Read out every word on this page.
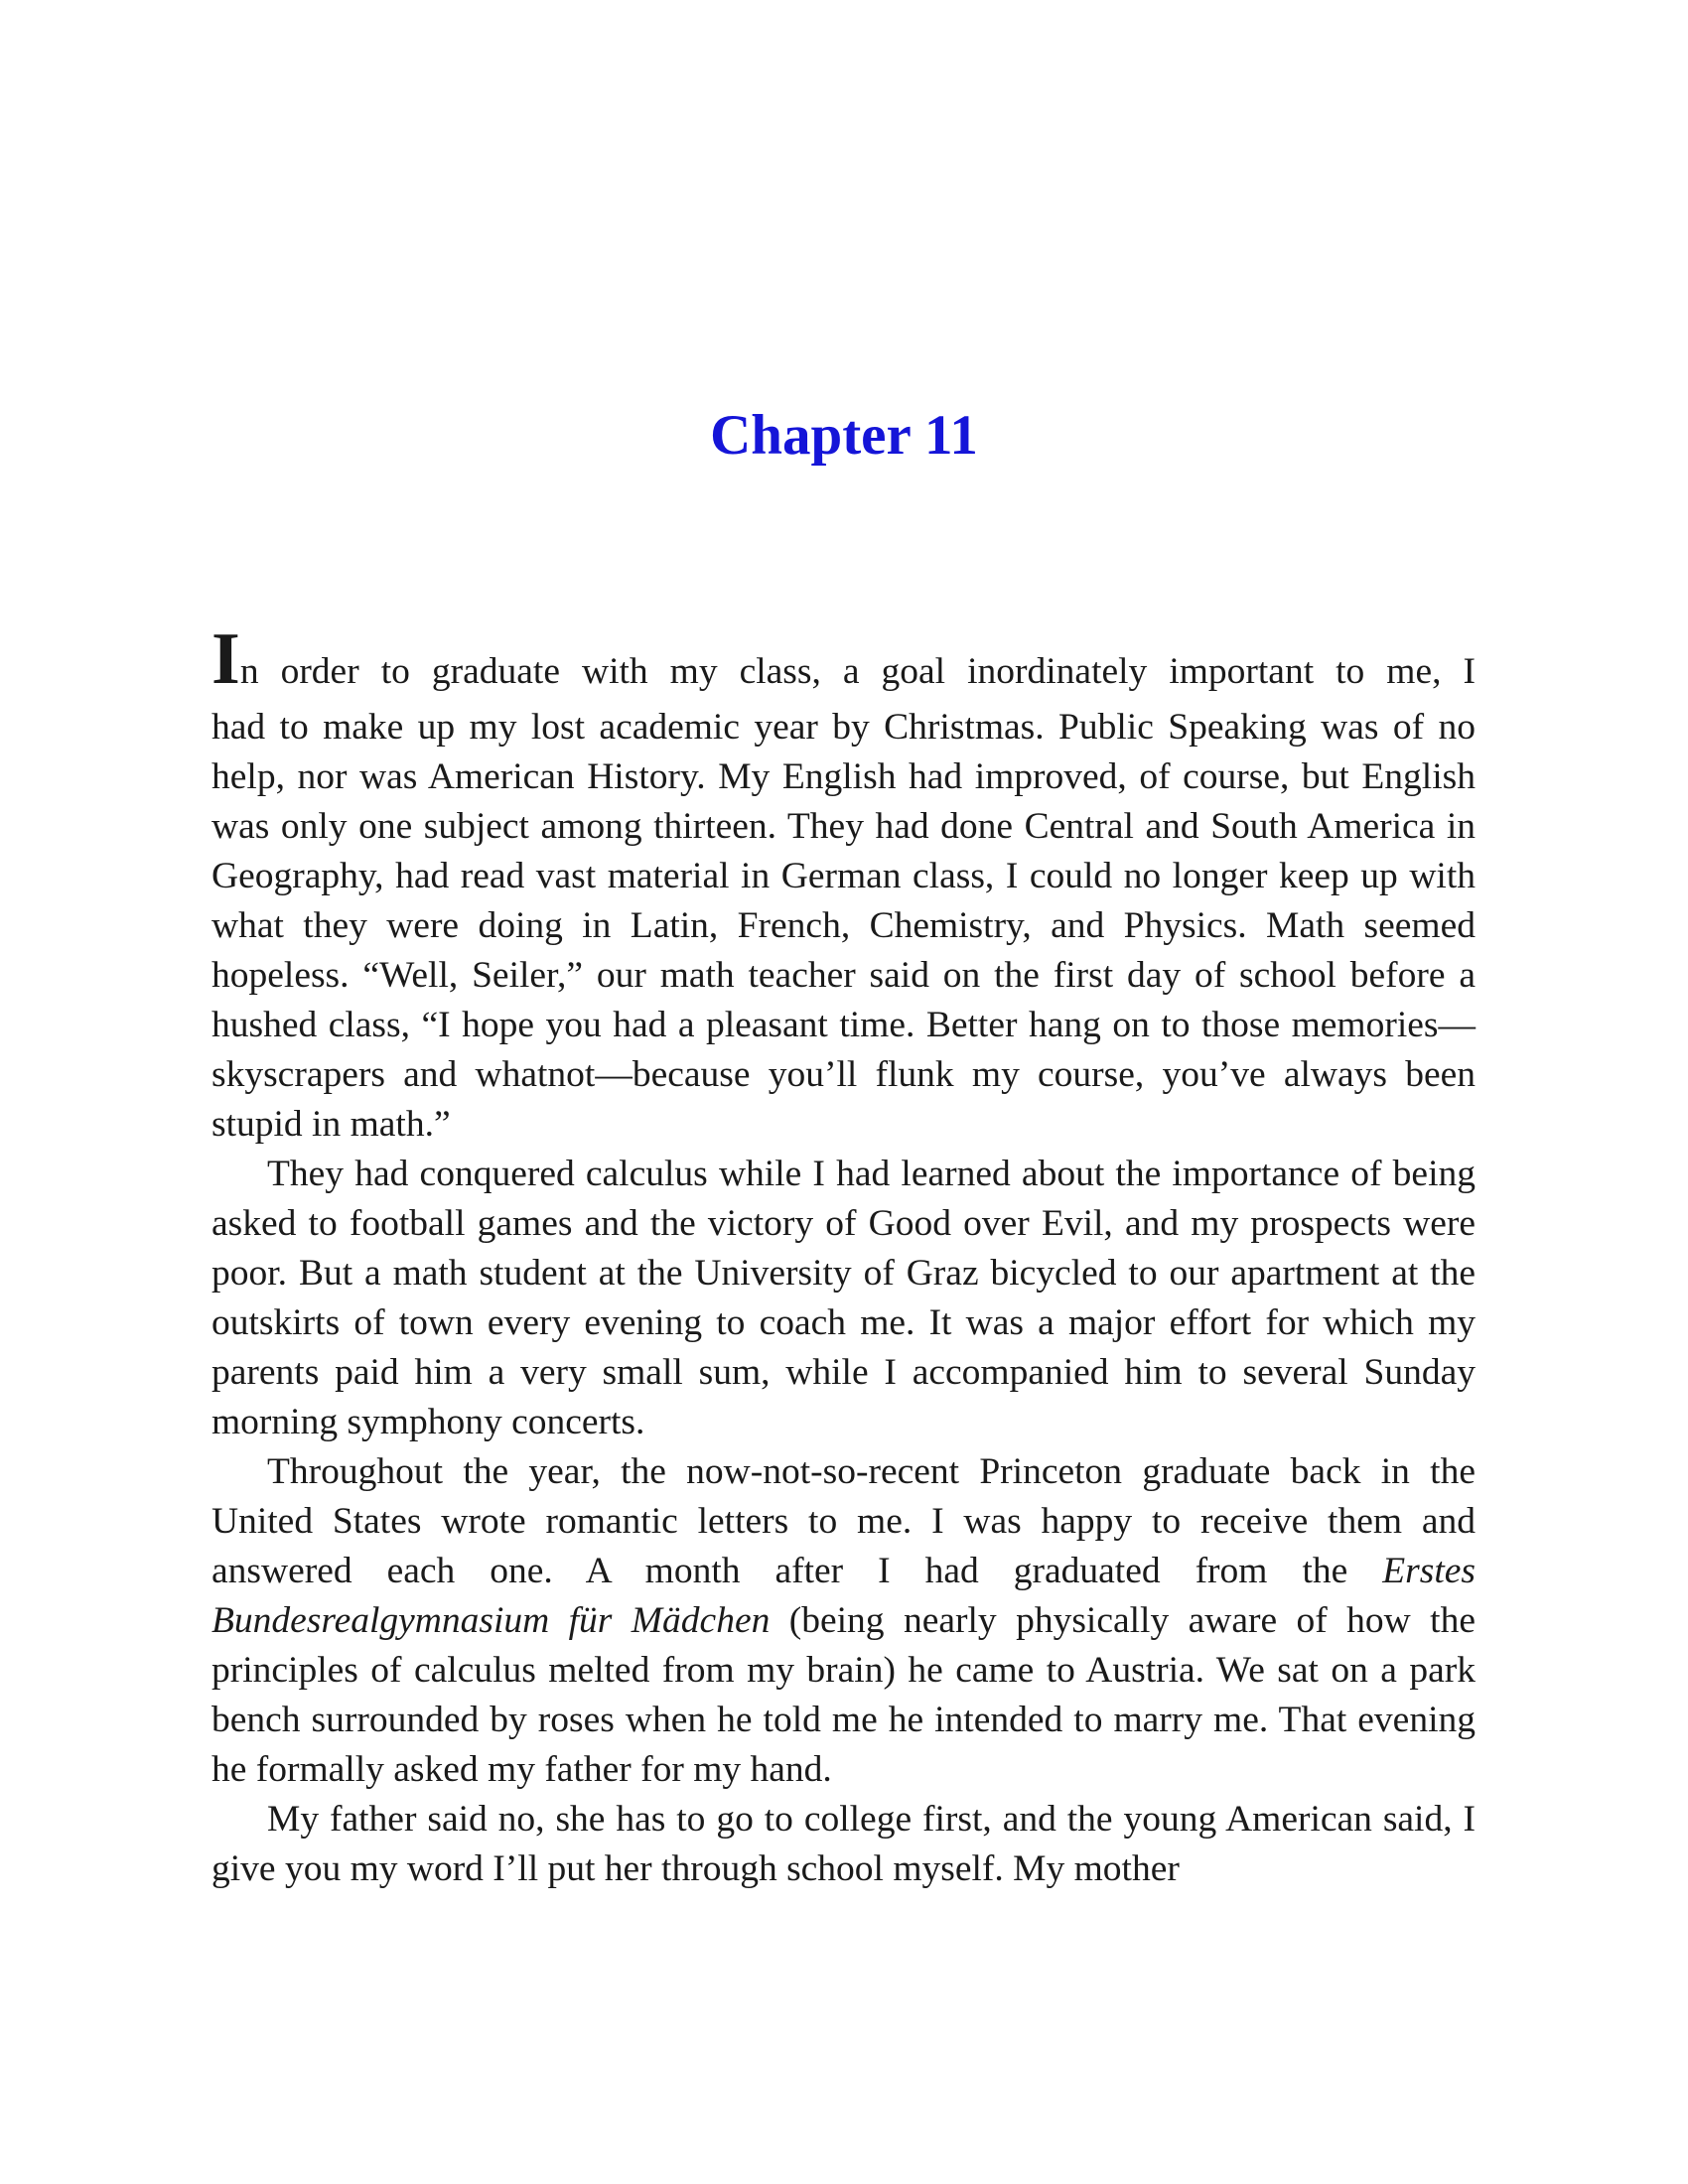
Chapter 11

In order to graduate with my class, a goal inordinately important to me, I
had to make up my lost academic year by Christmas. Public Speaking was of no help, nor was American History. My English had improved, of course, but English was only one subject among thirteen. They had done Central and South America in Geography, had read vast material in German class, I could no longer keep up with what they were doing in Latin, French, Chemistry, and Physics. Math seemed hopeless. “Well, Seiler,” our math teacher said on the first day of school before a hushed class, “I hope you had a pleasant time. Better hang on to those memories—skyscrapers and whatnot—because you’ll flunk my course, you’ve always been stupid in math.”

They had conquered calculus while I had learned about the importance of being asked to football games and the victory of Good over Evil, and my prospects were poor. But a math student at the University of Graz bicycled to our apartment at the outskirts of town every evening to coach me. It was a major effort for which my parents paid him a very small sum, while I accompanied him to several Sunday morning symphony concerts.

Throughout the year, the now-not-so-recent Princeton graduate back in the United States wrote romantic letters to me. I was happy to receive them and answered each one. A month after I had graduated from the Erstes Bundesrealgymnasium für Mädchen (being nearly physically aware of how the principles of calculus melted from my brain) he came to Austria. We sat on a park bench surrounded by roses when he told me he intended to marry me. That evening he formally asked my father for my hand.

My father said no, she has to go to college first, and the young American said, I give you my word I’ll put her through school myself. My mother
